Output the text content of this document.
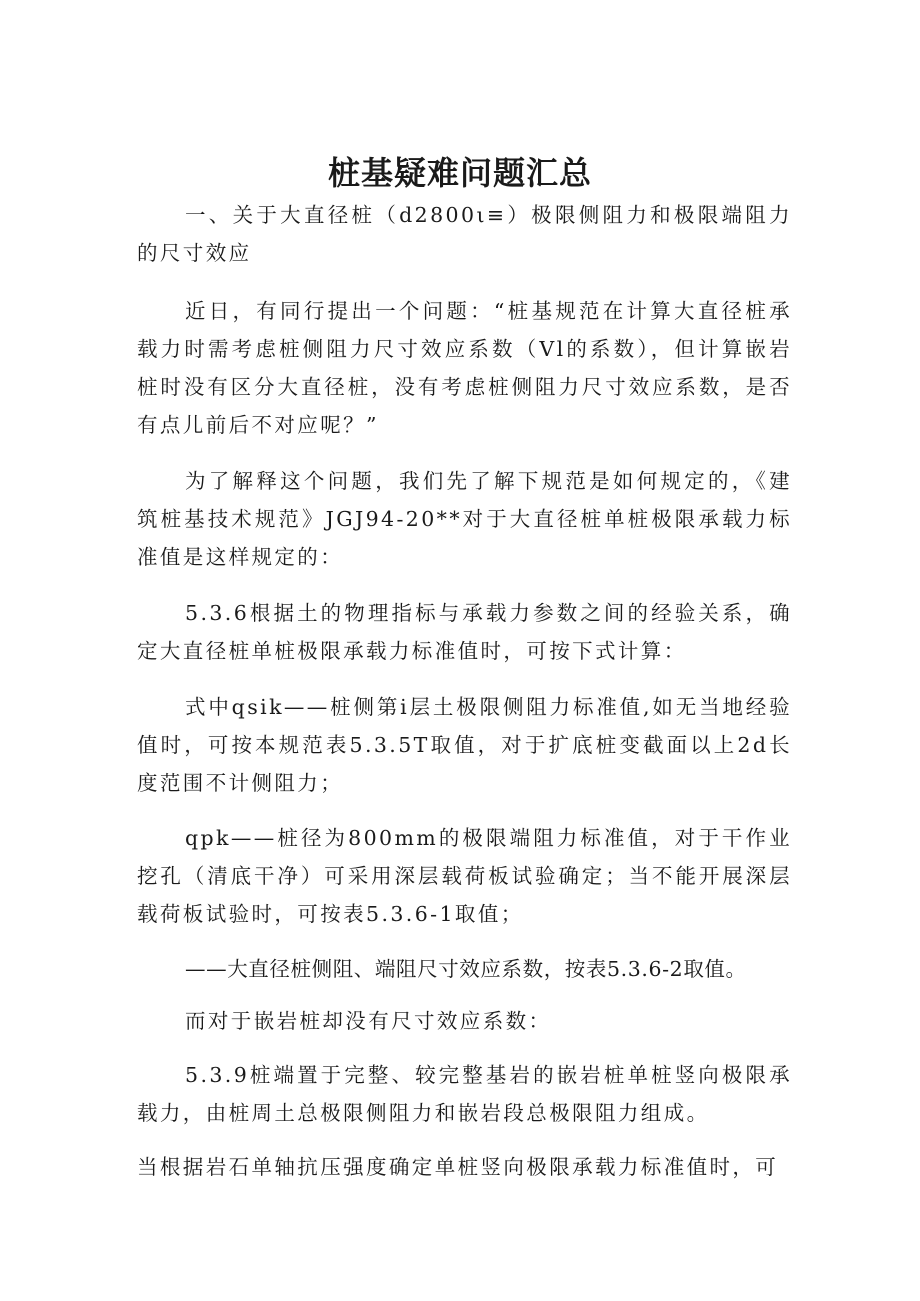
桩基疑难问题汇总

一、关于大直径桩（d2800ι≡）极限侧阻力和极限端阻力的尺寸效应

近日，有同行提出一个问题：“桩基规范在计算大直径桩承载力时需考虑桩侧阻力尺寸效应系数（Vl的系数），但计算嵌岩桩时没有区分大直径桩，没有考虑桩侧阻力尺寸效应系数，是否有点儿前后不对应呢？”

为了解释这个问题，我们先了解下规范是如何规定的，《建筑桩基技术规范》JGJ94-20**对于大直径桩单桩极限承载力标准值是这样规定的：

5.3.6根据土的物理指标与承载力参数之间的经验关系，确定大直径桩单桩极限承载力标准值时，可按下式计算：

式中qsik——桩侧第i层土极限侧阻力标准值,如无当地经验值时，可按本规范表5.3.5T取值，对于扩底桩变截面以上2d长度范围不计侧阻力；

qpk——桩径为800mm的极限端阻力标准值，对于干作业挖孔（清底干净）可采用深层载荷板试验确定；当不能开展深层载荷板试验时，可按表5.3.6-1取值；

——大直径桩侧阻、端阻尺寸效应系数，按表5.3.6-2取值。

而对于嵌岩桩却没有尺寸效应系数：

5.3.9桩端置于完整、较完整基岩的嵌岩桩单桩竖向极限承载力，由桩周土总极限侧阻力和嵌岩段总极限阻力组成。

当根据岩石单轴抗压强度确定单桩竖向极限承载力标准值时，可
